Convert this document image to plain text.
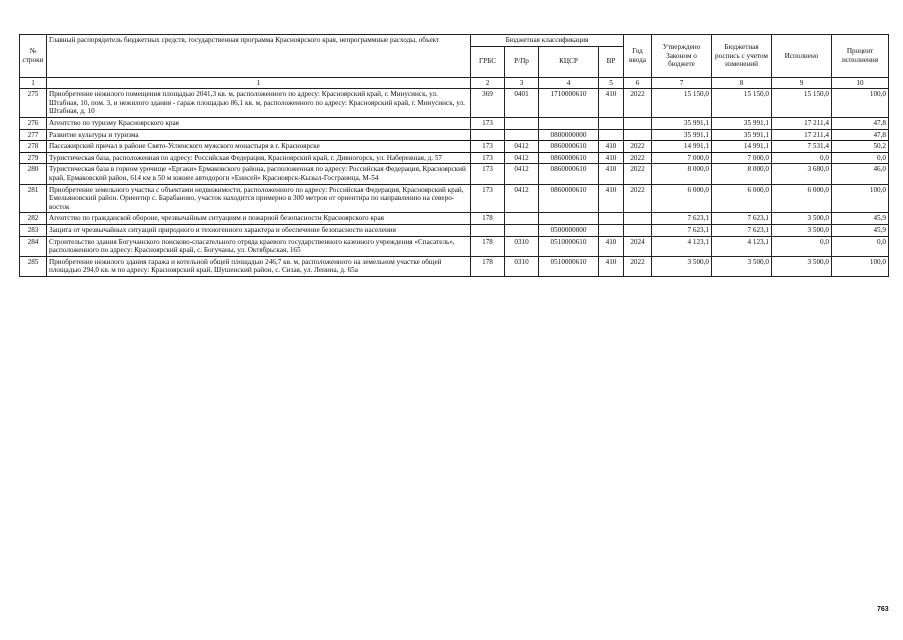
№ строки	Главный распорядитель бюджетных средств, государственная программа Красноярского края, непрограммные расходы, объект	Бюджетная классификация				Год ввода	Утверждено Законом о бюджете	Бюджетная роспись с учетом изменений	Исполнено	Процент исполнения
		ГРБС	Р/Пр	КЦСР	ВР					
1	1	2	3	4	5	6	7	8	9	10
275	Приобретение нежилого помещения площадью 2041,3 кв. м, расположенного по адресу: Красноярский край, г. Минусинск, ул. Штабная, 10, пом. 3, и нежилого здания - гараж площадью 86,1 кв. м, расположенного по адресу: Красноярский край, г. Минусинск, ул. Штабная, д. 10	369	0401	1710000610	410	2022	15 150,0	15 150,0	15 150,0	100,0
276	Агентство по туризму Красноярского края	173					35 991,1	35 991,1	17 211,4	47,8
277	Развитие культуры и туризма			0800000000			35 991,1	35 991,1	17 211,4	47,8
278	Пассажирский причал в районе Свято-Успенского мужского монастыря в г. Красноярске	173	0412	0860000610	410	2022	14 991,1	14 991,1	7 531,4	50,2
279	Туристическая база, расположенная по адресу: Российская Федерация, Красноярский край, г. Дивногорск, ул. Набережная, д. 57	173	0412	0860000610	410	2022	7 000,0	7 000,0	0,0	0,0
280	Туристическая база в горном урочище «Ергаки» Ермаковского района, расположенная по адресу: Российская Федерация, Красноярский край, Ермаковский район, 614 км в 50 м южнее автодороги «Енисей» Красноярск-Кызыл-Госграница, М-54	173	0412	0860000610	410	2022	8 000,0	8 000,0	3 680,0	46,0
281	Приобретение земельного участка с объектами недвижимости, расположенного по адресу: Российская Федерация, Красноярский край, Емельяновский район. Ориентир с. Барабаново, участок находится примерно в 300 метров от ориентира по направлению на северо-восток	173	0412	0860000610	410	2022	6 000,0	6 000,0	6 000,0	100,0
282	Агентство по гражданской обороне, чрезвычайным ситуациям и пожарной безопасности Красноярского края	178					7 623,1	7 623,1	3 500,0	45,9
283	Защита от чрезвычайных ситуаций природного и техногенного характера и обеспечение безопасности населения			0500000000			7 623,1	7 623,1	3 500,0	45,9
284	Строительство здания Богучанского поисково-спасательного отряда краевого государственного казенного учреждения «Спасатель», расположенного по адресу: Красноярский край, с. Богучаны, ул. Октябрьская, 165	178	0310	0510000610	410	2024	4 123,1	4 123,1	0,0	0,0
285	Приобретение нежилого здания гаража и котельной общей площадью 246,7 кв. м, расположенного на земельном участке общей площадью 294,0 кв. м по адресу: Красноярский край, Шушенский район, с. Сизая, ул. Ленина, д. 65а	178	0310	0510000610	410	2022	3 500,0	3 500,0	3 500,0	100,0
763
